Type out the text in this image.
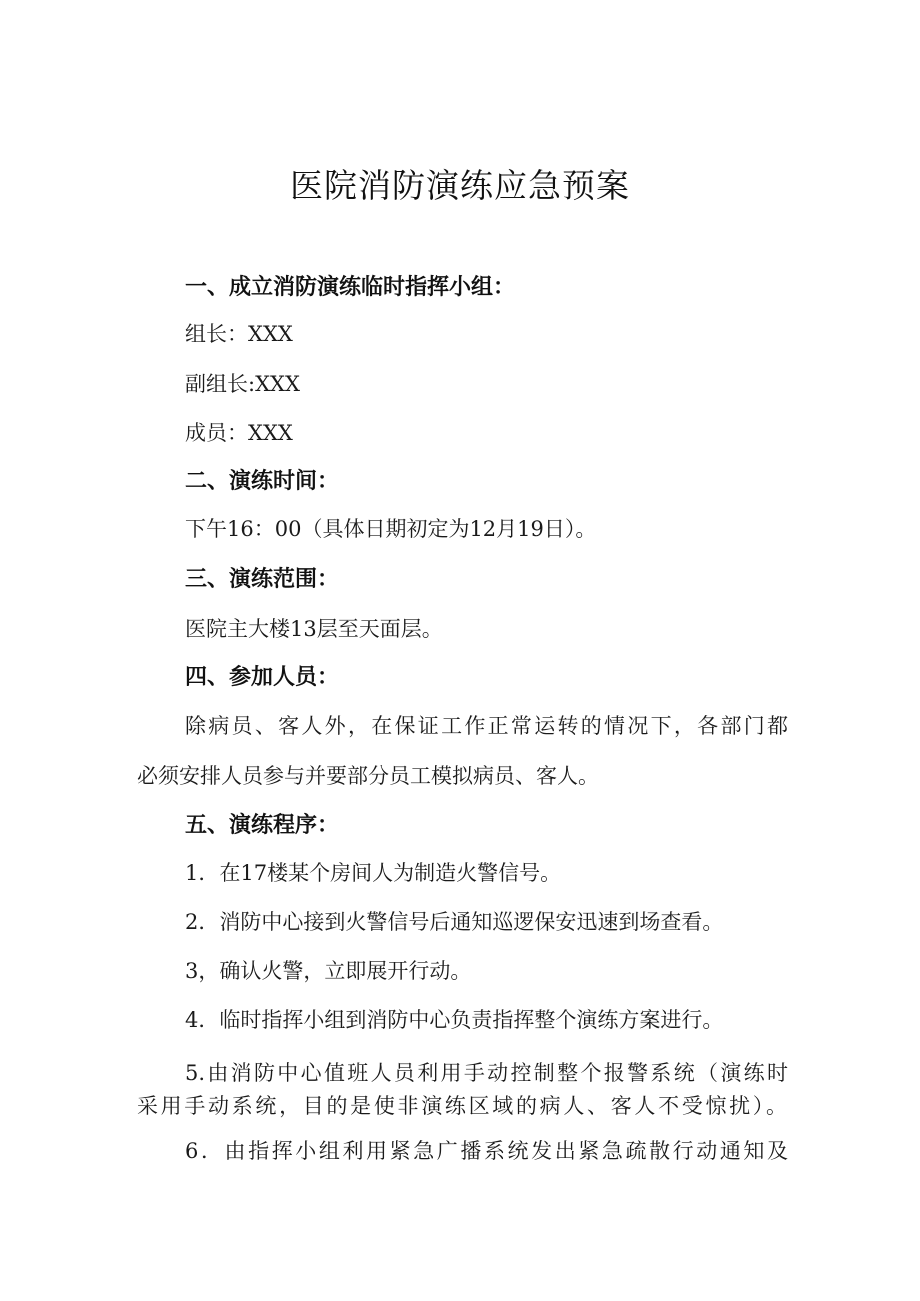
医院消防演练应急预案
一、成立消防演练临时指挥小组：
组长：XXX
副组长:XXX
成员：XXX
二、演练时间：
下午16：00（具体日期初定为12月19日）。
三、演练范围：
医院主大楼13层至天面层。
四、参加人员：
除病员、客人外，在保证工作正常运转的情况下，各部门都
必须安排人员参与并要部分员工模拟病员、客人。
五、演练程序：
1．在17楼某个房间人为制造火警信号。
2．消防中心接到火警信号后通知巡逻保安迅速到场查看。
3，确认火警，立即展开行动。
4．临时指挥小组到消防中心负责指挥整个演练方案进行。
5.由消防中心值班人员利用手动控制整个报警系统（演练时
采用手动系统，目的是使非演练区域的病人、客人不受惊扰）。
6．由指挥小组利用紧急广播系统发出紧急疏散行动通知及
